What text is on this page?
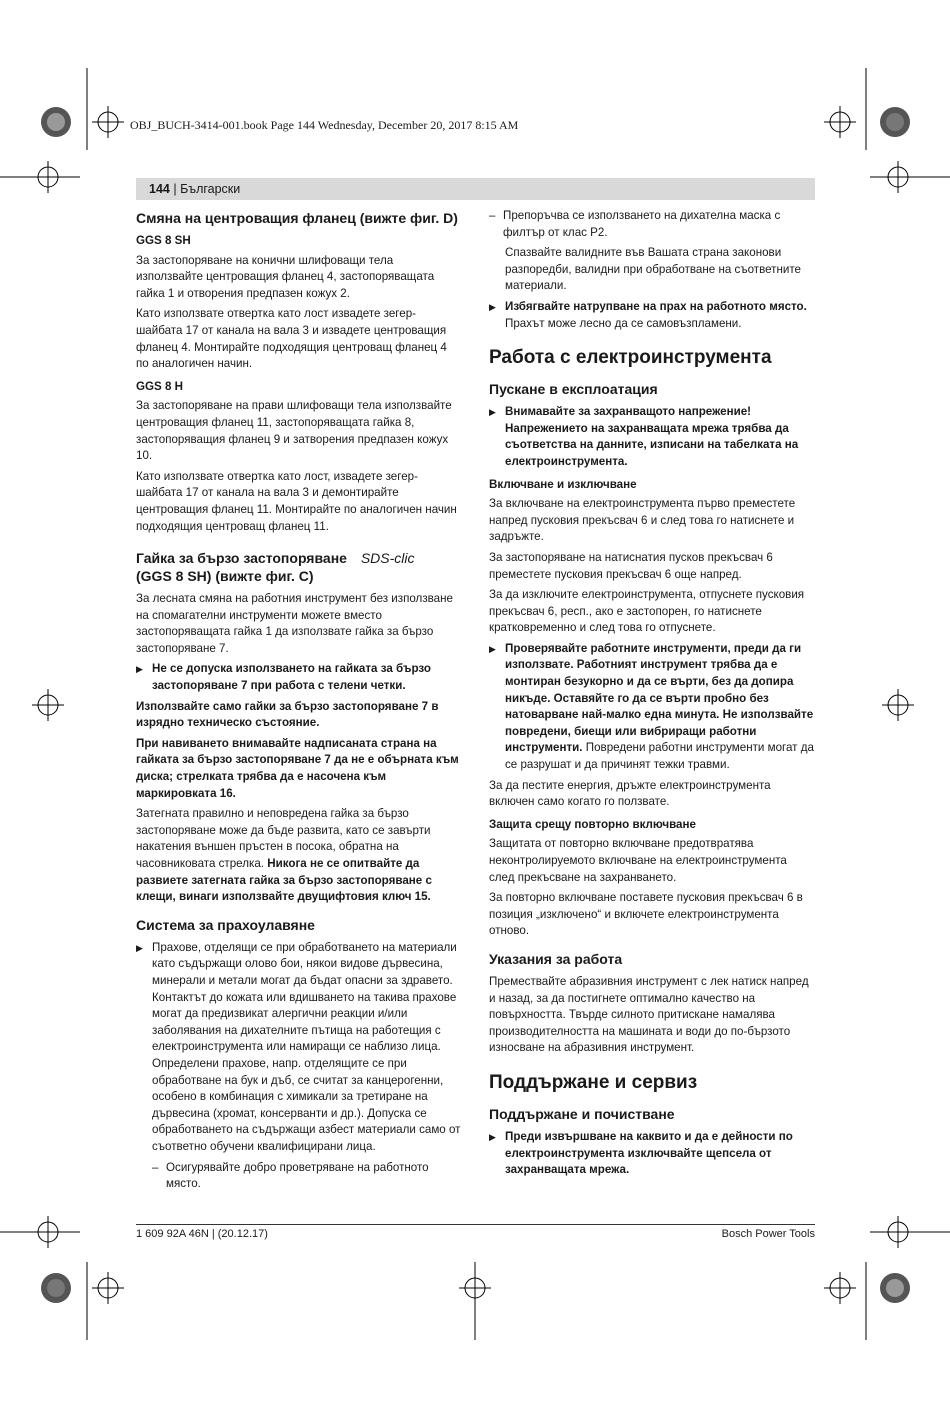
OBJ_BUCH-3414-001.book Page 144 Wednesday, December 20, 2017 8:15 AM
144 | Български
Смяна на центроващия фланец (вижте фиг. D)
GGS 8 SH

За застопоряване на конични шлифоващи тела използвайте центроващия фланец 4, застопоряващата гайка 1 и отворения предпазен кожух 2.

Като използвате отвертка като лост извадете зегер-шайбата 17 от канала на вала 3 и извадете центроващия фланец 4. Монтирайте подходящия центроващ фланец 4 по аналогичен начин.

GGS 8 H

За застопоряване на прави шлифоващи тела използвайте центроващия фланец 11, застопоряващата гайка 8, застопоряващия фланец 9 и затворения предпазен кожух 10.

Като използвате отвертка като лост, извадете зегер-шайбата 17 от канала на вала 3 и демонтирайте центроващия фланец 11. Монтирайте по аналогичен начин подходящия центроващ фланец 11.

Гайка за бързо застопоряване SDS-clic
(GGS 8 SH) (вижте фиг. C)

За лесната смяна на работния инструмент без използване на спомагателни инструменти можете вместо застопоряващата гайка 1 да използвате гайка за бързо застопоряване 7.

▶ Не се допуска използването на гайката за бързо застопоряване 7 при работа с телени четки.

Използвайте само гайки за бързо застопоряване 7 в изрядно техническо състояние.

При навиването внимавайте надписаната страна на гайката за бързо застопоряване 7 да не е обърната към диска; стрелката трябва да е насочена към маркировката 16.

Затегната правилно и неповредена гайка за бързо застопоряване може да бъде развита, като се завърти накатения външен пръстен в посока, обратна на часовниковата стрелка. Никога не се опитвайте да развиете затегната гайка за бързо застопоряване с клещи, винаги използвайте двущифтовия ключ 15.

Система за прахоулавяне

▶ Прахове, отделящи се при обработването на материали като съдържащи олово бои, някои видове дървесина, минерали и метали могат да бъдат опасни за здравето. Контактът до кожата или вдишването на такива прахове могат да предизвикат алергични реакции и/или заболявания на дихателните пътища на работещия с електроинструмента или намиращи се наблизо лица. Определени прахове, напр. отделящите се при обработване на бук и дъб, се считат за канцерогенни, особено в комбинация с химикали за третиране на дървесина (хромат, консерванти и др.). Допуска се обработването на съдържащи азбест материали само от съответно обучени квалифицирани лица.

– Осигурявайте добро проветряване на работното място.

– Препоръчва се използването на дихателна маска с филтър от клас P2.

Спазвайте валидните във Вашата страна законови разпоредби, валидни при обработване на съответните материали.

▶ Избягвайте натрупване на прах на работното място.
Прахът може лесно да се самовъзпламени.

Работа с електроинструмента
Пускане в експлоатация

▶ Внимавайте за захранващото напрежение! Напрежението на захранващата мрежа трябва да съответства на данните, изписани на табелката на електроинструмента.

Включване и изключване

За включване на електроинструмента първо преместете напред пусковия прекъсвач 6 и след това го натиснете и задръжте.

За застопоряване на натиснатия пусков прекъсвач 6 преместете пусковия прекъсвач 6 още напред.

За да изключите електроинструмента, отпуснете пусковия прекъсвач 6, респ., ако е застопорен, го натиснете кратковременно и след това го отпуснете.

▶ Проверявайте работните инструменти, преди да ги използвате. Работният инструмент трябва да е монтиран безукорно и да се върти, без да допира никъде. Оставяйте го да се върти пробно без натоварване най-малко една минута. Не използвайте повредени, биещи или вибриращи работни инструменти. Повредени работни инструменти могат да се разрушат и да причинят тежки травми.

За да пестите енергия, дръжте електроинструмента включен само когато го ползвате.

Защита срещу повторно включване

Защитата от повторно включване предотвратява неконтролируемото включване на електроинструмента след прекъсване на захранването.

За повторно включване поставете пусковия прекъсвач 6 в позиция „изключено“ и включете електроинструмента отново.

Указания за работа

Премествайте абразивния инструмент с лек натиск напред и назад, за да постигнете оптимално качество на повърхността. Твърде силното притискане намалява производителността на машината и води до по-бързото износване на абразивния инструмент.

Поддържане и сервиз
Поддържане и почистване

▶ Преди извършване на каквито и да е дейности по електроинструмента изключвайте щепсела от захранващата мрежа.

1 609 92A 46N | (20.12.17)	Bosch Power Tools
